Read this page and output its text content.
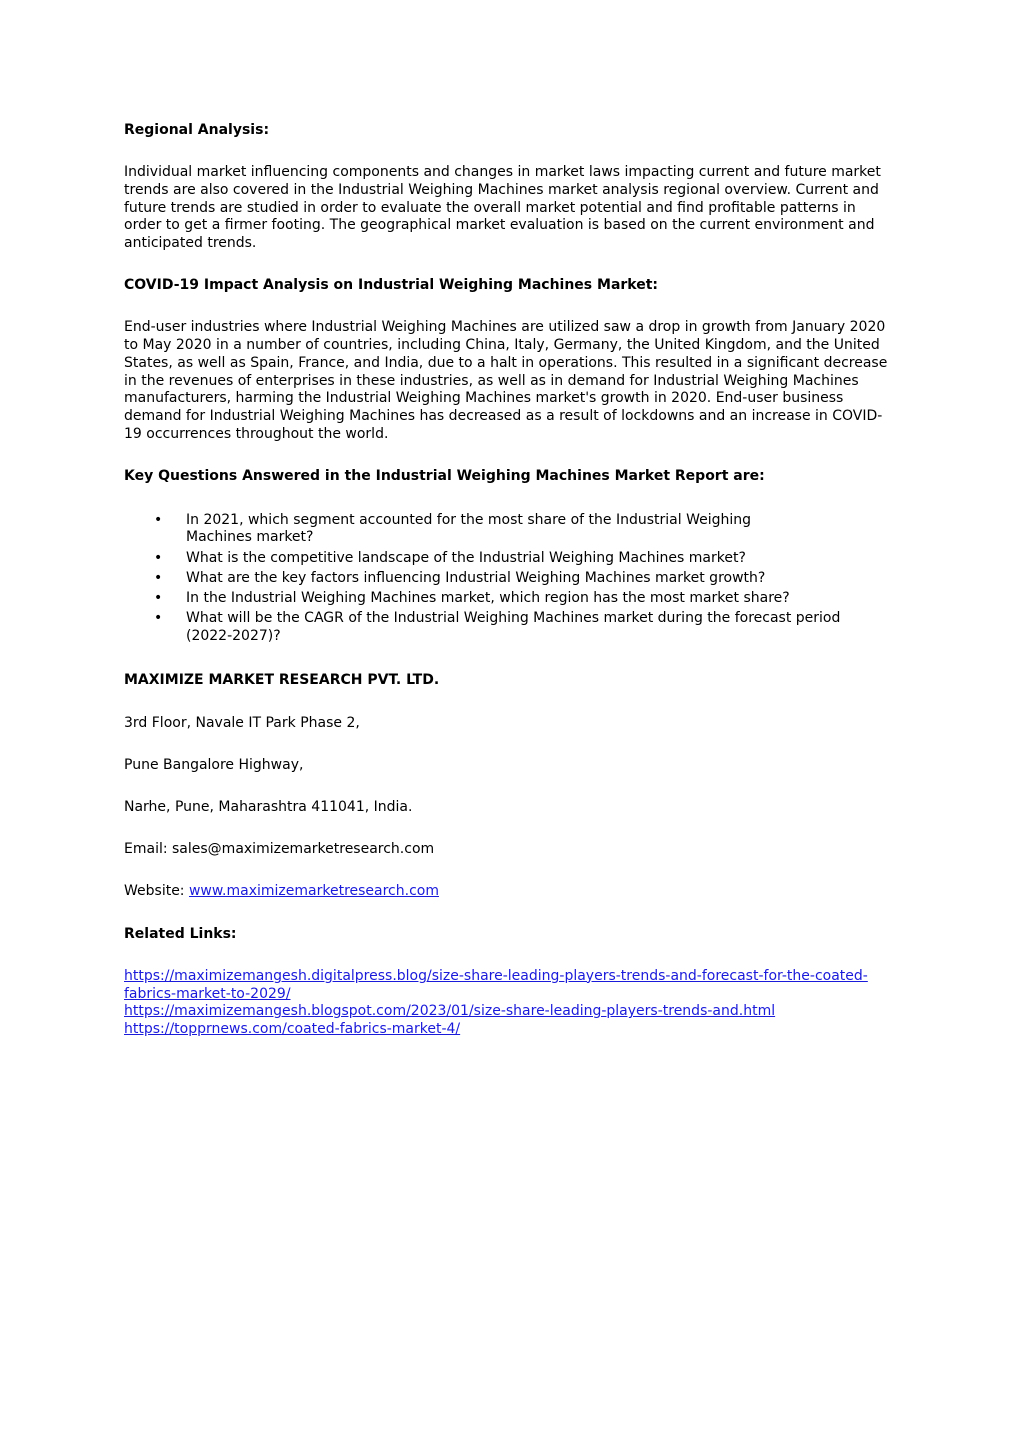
Regional Analysis:

Individual market influencing components and changes in market laws impacting current and future market trends are also covered in the Industrial Weighing Machines market analysis regional overview. Current and future trends are studied in order to evaluate the overall market potential and find profitable patterns in order to get a firmer footing. The geographical market evaluation is based on the current environment and anticipated trends.

COVID-19 Impact Analysis on Industrial Weighing Machines Market:

End-user industries where Industrial Weighing Machines are utilized saw a drop in growth from January 2020 to May 2020 in a number of countries, including China, Italy, Germany, the United Kingdom, and the United States, as well as Spain, France, and India, due to a halt in operations. This resulted in a significant decrease in the revenues of enterprises in these industries, as well as in demand for Industrial Weighing Machines manufacturers, harming the Industrial Weighing Machines market's growth in 2020. End-user business demand for Industrial Weighing Machines has decreased as a result of lockdowns and an increase in COVID-19 occurrences throughout the world.

Key Questions Answered in the Industrial Weighing Machines Market Report are:

• In 2021, which segment accounted for the most share of the Industrial Weighing Machines market?
• What is the competitive landscape of the Industrial Weighing Machines market?
• What are the key factors influencing Industrial Weighing Machines market growth?
• In the Industrial Weighing Machines market, which region has the most market share?
• What will be the CAGR of the Industrial Weighing Machines market during the forecast period (2022-2027)?

MAXIMIZE MARKET RESEARCH PVT. LTD.

3rd Floor, Navale IT Park Phase 2,

Pune Bangalore Highway,

Narhe, Pune, Maharashtra 411041, India.

Email: sales@maximizemarketresearch.com

Website: www.maximizemarketresearch.com

Related Links:

https://maximizemangesh.digitalpress.blog/size-share-leading-players-trends-and-forecast-for-the-coated-fabrics-market-to-2029/
https://maximizemangesh.blogspot.com/2023/01/size-share-leading-players-trends-and.html
https://topprnews.com/coated-fabrics-market-4/
